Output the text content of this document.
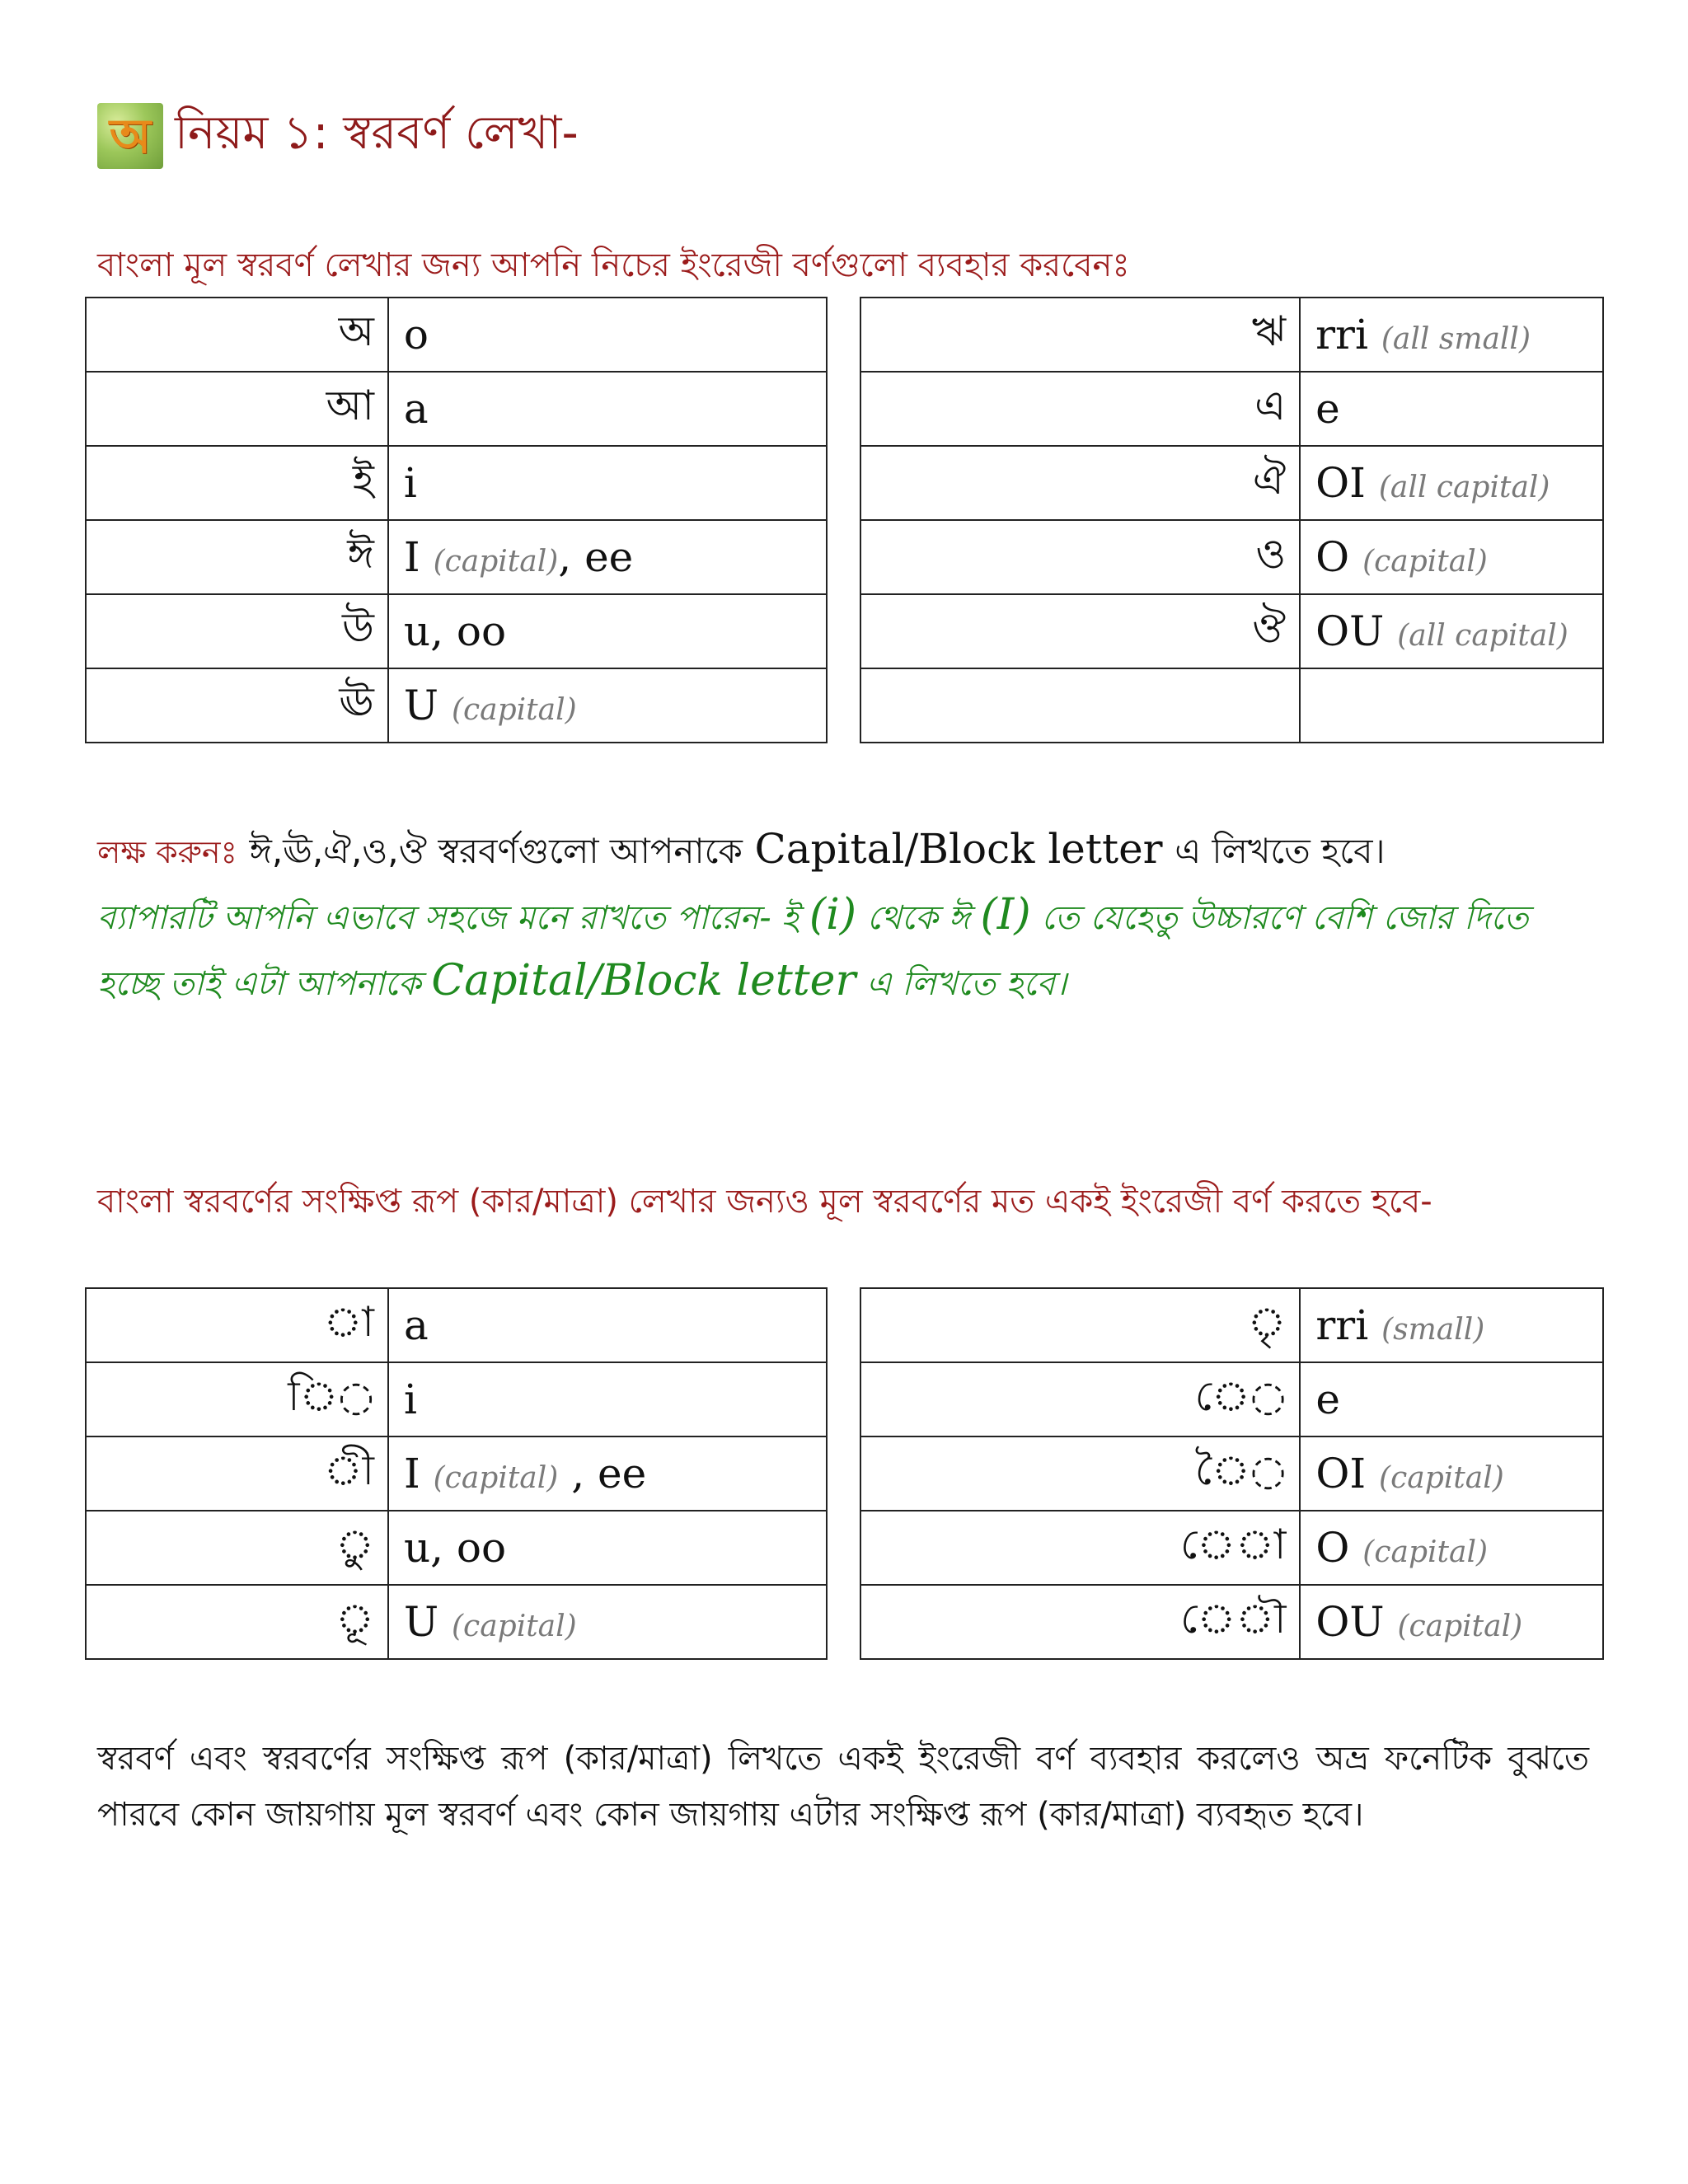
অ নিয়ম ১: স্বরবর্ণ লেখা-
বাংলা মূল স্বরবর্ণ লেখার জন্য আপনি নিচের ইংরেজী বর্ণগুলো ব্যবহার করবেনঃ
অ	o
আ	a
ই	i
ঈ	I (capital), ee
উ	u, oo
ঊ	U (capital)
ঋ	rri (all small)
এ	e
ঐ	OI (all capital)
ও	O (capital)
ঔ	OU (all capital)

লক্ষ করুনঃ ঈ,ঊ,ঐ,ও,ঔ স্বরবর্ণগুলো আপনাকে Capital/Block letter এ লিখতে হবে।
ব্যাপারটি আপনি এভাবে সহজে মনে রাখতে পারেন- ই (i) থেকে ঈ (I) তে যেহেতু উচ্চারণে বেশি জোর দিতে হচ্ছে তাই এটা আপনাকে Capital/Block letter এ লিখতে হবে।
বাংলা স্বরবর্ণের সংক্ষিপ্ত রূপ (কার/মাত্রা) লেখার জন্যও মূল স্বরবর্ণের মত একই ইংরেজী বর্ণ করতে হবে-
◌া	a
ি◌	i
◌ী	I (capital) , ee
◌ু	u, oo
◌ূ	U (capital)
◌ৃ	rri (small)
ে◌	e
ৈ◌	OI (capital)
ে◌া	O (capital)
ে◌ৗ	OU (capital)
স্বরবর্ণ এবং স্বরবর্ণের সংক্ষিপ্ত রূপ (কার/মাত্রা) লিখতে একই ইংরেজী বর্ণ ব্যবহার করলেও অভ্র ফনেটিক বুঝতে পারবে কোন জায়গায় মূল স্বরবর্ণ এবং কোন জায়গায় এটার সংক্ষিপ্ত রূপ (কার/মাত্রা) ব্যবহৃত হবে।
